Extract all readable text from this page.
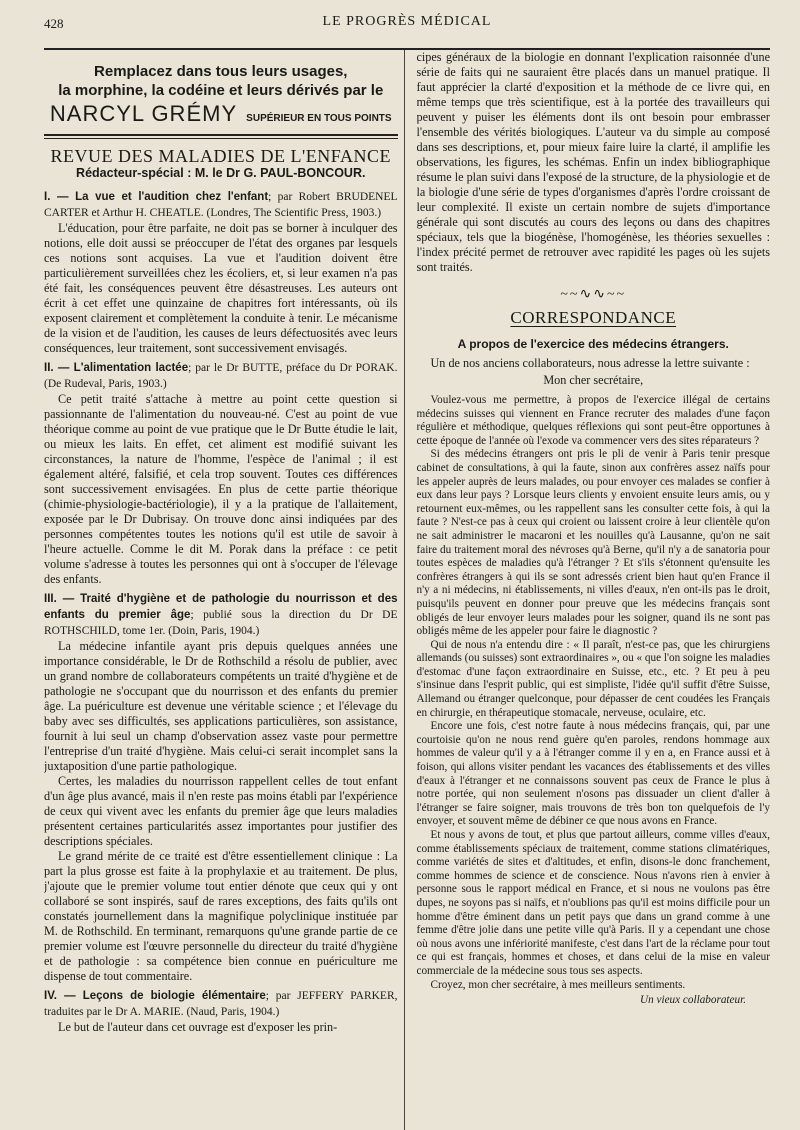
428	LE PROGRÈS MÉDICAL
Remplacez dans tous leurs usages,
la morphine, la codéine et leurs dérivés par le
NARCYL GRÉMY SUPÉRIEUR EN TOUS POINTS
REVUE DES MALADIES DE L'ENFANCE
Rédacteur-spécial : M. le Dr G. PAUL-BONCOUR.
I. — La vue et l'audition chez l'enfant; par Robert BRUDENEL CARTER et Arthur H. CHEATLE. (Londres, The Scientific Press, 1903.)

L'éducation, pour être parfaite, ne doit pas se borner à inculquer des notions, elle doit aussi se préoccuper de l'état des organes par lesquels ces notions sont acquises. La vue et l'audition doivent être particulièrement surveillées chez les écoliers, et, si leur examen n'a pas été fait, les conséquences peuvent être désastreuses. Les auteurs ont écrit à cet effet une quinzaine de chapitres fort intéressants, où ils exposent clairement et complètement la conduite à tenir. Le mécanisme de la vision et de l'audition, les causes de leurs défectuosités avec leurs conséquences, leur traitement, sont successivement envisagés.

II. — L'alimentation lactée; par le Dr BUTTE, préface du Dr PORAK. (De Rudeval, Paris, 1903.)

Ce petit traité s'attache à mettre au point cette question si passionnante de l'alimentation du nouveau-né. C'est au point de vue théorique comme au point de vue pratique que le Dr Butte étudie le lait, ou mieux les laits. En effet, cet aliment est modifié suivant les circonstances, la nature de l'homme, l'espèce de l'animal ; il est également altéré, falsifié, et cela trop souvent. Toutes ces différences sont successivement envisagées. En plus de cette partie théorique (chimie-physiologie-bactériologie), il y a la pratique de l'allaitement, exposée par le Dr Dubrisay. On trouve donc ainsi indiquées par des personnes compétentes toutes les notions qu'il est utile de savoir à l'heure actuelle. Comme le dit M. Porak dans la préface : ce petit volume s'adresse à toutes les personnes qui ont à s'occuper de l'élevage des enfants.

III. — Traité d'hygiène et de pathologie du nourrisson et des enfants du premier âge; publié sous la direction du Dr DE ROTHSCHILD, tome 1er. (Doin, Paris, 1904.)

La médecine infantile ayant pris depuis quelques années une importance considérable, le Dr de Rothschild a résolu de publier, avec un grand nombre de collaborateurs compétents un traité d'hygiène et de pathologie ne s'occupant que du nourrisson et des enfants du premier âge. La puériculture est devenue une véritable science ; et l'élevage du baby avec ses difficultés, ses applications particulières, son assistance, fournit à lui seul un champ d'observation assez vaste pour permettre l'entreprise d'un traité d'hygiène. Mais celui-ci serait incomplet sans la juxtaposition d'une partie pathologique.

Certes, les maladies du nourrisson rappellent celles de tout enfant d'un âge plus avancé, mais il n'en reste pas moins établi par l'expérience de ceux qui vivent avec les enfants du premier âge que leurs maladies présentent certaines particularités assez importantes pour justifier des descriptions spéciales.

Le grand mérite de ce traité est d'être essentiellement clinique : La part la plus grosse est faite à la prophylaxie et au traitement. De plus, j'ajoute que le premier volume tout entier dénote que ceux qui y ont collaboré se sont inspirés, sauf de rares exceptions, des faits qu'ils ont constatés journellement dans la magnifique polyclinique instituée par M. de Rothschild. En terminant, remarquons qu'une grande partie de ce premier volume est l'œuvre personnelle du directeur du traité d'hygiène et de pathologie : sa compétence bien connue en puériculture me dispense de tout commentaire.

IV. — Leçons de biologie élémentaire; par JEFFERY PARKER, traduites par le Dr A. MARIE. (Naud, Paris, 1904.)

Le but de l'auteur dans cet ouvrage est d'exposer les prin-

cipes généraux de la biologie en donnant l'explication raisonnée d'une série de faits qui ne sauraient être placés dans un manuel pratique. Il faut apprécier la clarté d'exposition et la méthode de ce livre qui, en même temps que très scientifique, est à la portée des travailleurs qui peuvent y puiser les éléments dont ils ont besoin pour embrasser l'ensemble des vérités biologiques. L'auteur va du simple au composé dans ses descriptions, et, pour mieux faire luire la clarté, il amplifie les observations, les figures, les schémas. Enfin un index bibliographique résume le plan suivi dans l'exposé de la structure, de la physiologie et de la biologie d'une série de types d'organismes d'après l'ordre croissant de leur complexité. Il existe un certain nombre de sujets d'importance générale qui sont discutés au cours des leçons ou dans des chapitres spéciaux, tels que la biogénèse, l'homogénèse, les théories sexuelles : l'index précité permet de retrouver avec rapidité les pages où les sujets sont traités.

~~∿∿~~
CORRESPONDANCE
A propos de l'exercice des médecins étrangers.

Un de nos anciens collaborateurs, nous adresse la lettre suivante :

Mon cher secrétaire,

Voulez-vous me permettre, à propos de l'exercice illégal de certains médecins suisses qui viennent en France recruter des malades d'une façon régulière et méthodique, quelques réflexions qui sont peut-être opportunes à cette époque de l'année où l'exode va commencer vers des sites réparateurs ?

Si des médecins étrangers ont pris le pli de venir à Paris tenir presque cabinet de consultations, à qui la faute, sinon aux confrères assez naïfs pour les appeler auprès de leurs malades, ou pour envoyer ces malades se confier à eux dans leur pays ? Lorsque leurs clients y envoient ensuite leurs amis, ou y retournent eux-mêmes, ou les rappellent sans les consulter cette fois, à qui la faute ? N'est-ce pas à ceux qui croient ou laissent croire à leur clientèle qu'on ne sait administrer le macaroni et les nouilles qu'à Lausanne, qu'on ne sait faire du traitement moral des névroses qu'à Berne, qu'il n'y a de sanatoria pour toutes espèces de maladies qu'à l'étranger ? Et s'ils s'étonnent qu'ensuite les confrères étrangers à qui ils se sont adressés crient bien haut qu'en France il n'y a ni médecins, ni établissements, ni villes d'eaux, n'en ont-ils pas le droit, puisqu'ils peuvent en donner pour preuve que les médecins français sont obligés de leur envoyer leurs malades pour les soigner, quand ils ne sont pas obligés même de les appeler pour faire le diagnostic ?

Qui de nous n'a entendu dire : « Il paraît, n'est-ce pas, que les chirurgiens allemands (ou suisses) sont extraordinaires », ou « que l'on soigne les maladies d'estomac d'une façon extraordinaire en Suisse, etc., etc. ? Et peu à peu s'insinue dans l'esprit public, qui est simpliste, l'idée qu'il suffit d'être Suisse, Allemand ou étranger quelconque, pour dépasser de cent coudées les Français en chirurgie, en thérapeutique stomacale, nerveuse, oculaire, etc.

Encore une fois, c'est notre faute à nous médecins français, qui, par une courtoisie qu'on ne nous rend guère qu'en paroles, rendons hommage aux hommes de valeur qu'il y a à l'étranger comme il y en a, en France aussi et à foison, qui allons visiter pendant les vacances des établissements et des villes d'eaux à l'étranger et ne connaissons souvent pas ceux de France le plus à notre portée, qui non seulement n'osons pas dissuader un client d'aller à l'étranger se faire soigner, mais trouvons de très bon ton quelquefois de l'y envoyer, et souvent même de débiner ce que nous avons en France.

Et nous y avons de tout, et plus que partout ailleurs, comme villes d'eaux, comme établissements spéciaux de traitement, comme stations climatériques, comme variétés de sites et d'altitudes, et enfin, disons-le donc franchement, comme hommes de science et de conscience. Nous n'avons rien à envier à personne sous le rapport médical en France, et si nous ne voulons pas être dupes, ne soyons pas si naïfs, et n'oublions pas qu'il est moins difficile pour un homme d'être éminent dans un petit pays que dans un grand comme à une femme d'être jolie dans une petite ville qu'à Paris. Il y a cependant une chose où nous avons une infériorité manifeste, c'est dans l'art de la réclame pour tout ce qui est français, hommes et choses, et dans celui de la mise en valeur commerciale de la médecine sous tous ses aspects.

Croyez, mon cher secrétaire, à mes meilleurs sentiments.

Un vieux collaborateur.
